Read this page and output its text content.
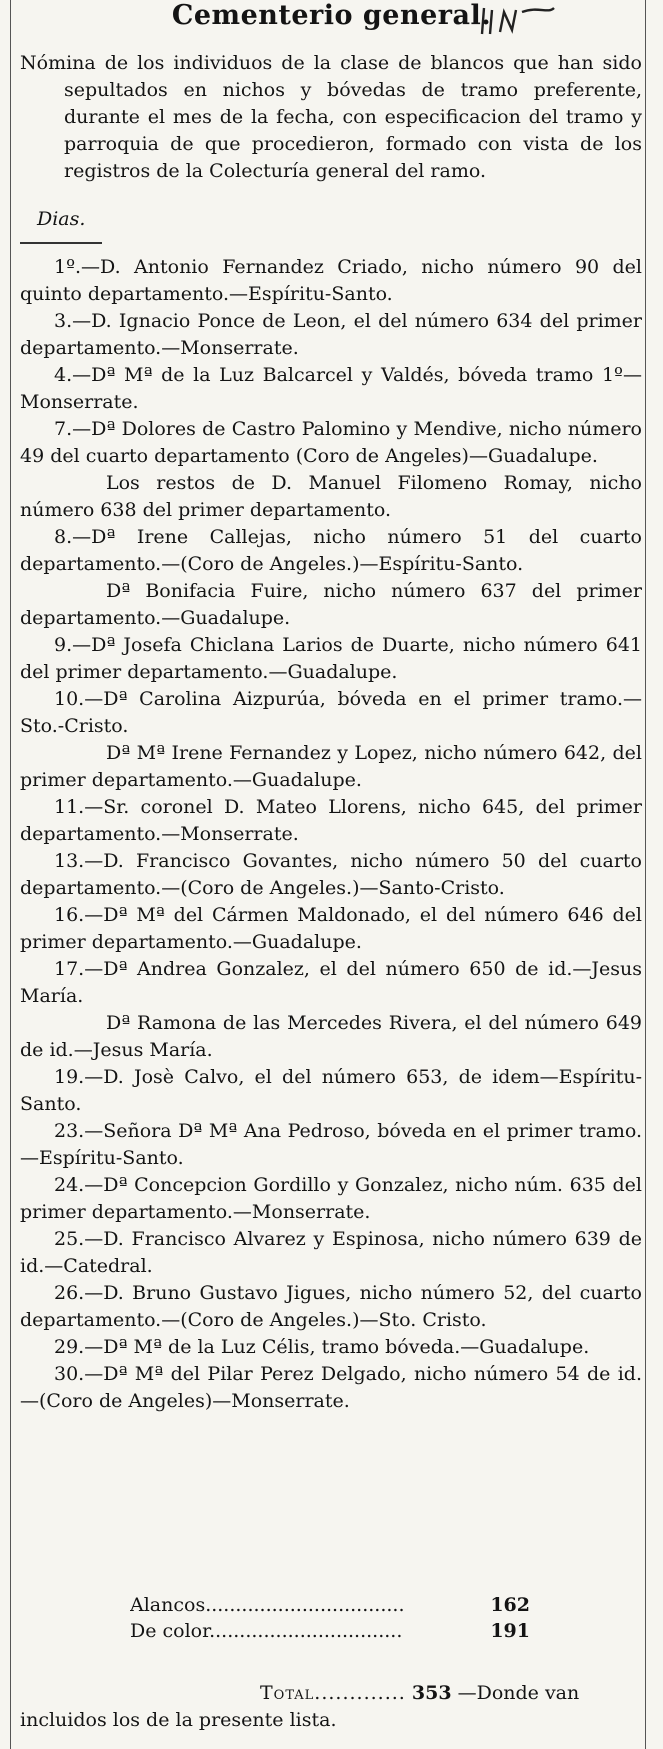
Cementerio general.

Nómina de los individuos de la clase de blancos que han sido sepultados en nichos y bóvedas de tramo preferente, durante el mes de la fecha, con especificacion del tramo y parroquia de que procedieron, formado con vista de los registros de la Colecturía general del ramo.

Dias.

1º.—D. Antonio Fernandez Criado, nicho número 90 del quinto departamento.—Espíritu-Santo.

3.—D. Ignacio Ponce de Leon, el del número 634 del primer departamento.—Monserrate.

4.—Dª Mª de la Luz Balcarcel y Valdés, bóveda tramo 1º—Monserrate.

7.—Dª Dolores de Castro Palomino y Mendive, nicho número 49 del cuarto departamento (Coro de Angeles)—Guadalupe.

Los restos de D. Manuel Filomeno Romay, nicho número 638 del primer departamento.

8.—Dª Irene Callejas, nicho número 51 del cuarto departamento.—(Coro de Angeles.)—Espíritu-Santo.

Dª Bonifacia Fuire, nicho número 637 del primer departamento.—Guadalupe.

9.—Dª Josefa Chiclana Larios de Duarte, nicho número 641 del primer departamento.—Guadalupe.

10.—Dª Carolina Aizpurúa, bóveda en el primer tramo.—Sto.-Cristo.

Dª Mª Irene Fernandez y Lopez, nicho número 642, del primer departamento.—Guadalupe.

11.—Sr. coronel D. Mateo Llorens, nicho 645, del primer departamento.—Monserrate.

13.—D. Francisco Govantes, nicho número 50 del cuarto departamento.—(Coro de Angeles.)—Santo-Cristo.

16.—Dª Mª del Cármen Maldonado, el del número 646 del primer departamento.—Guadalupe.

17.—Dª Andrea Gonzalez, el del número 650 de id.—Jesus María.

Dª Ramona de las Mercedes Rivera, el del número 649 de id.—Jesus María.

19.—D. Josè Calvo, el del número 653, de idem—Espíritu-Santo.

23.—Señora Dª Mª Ana Pedroso, bóveda en el primer tramo.—Espíritu-Santo.

24.—Dª Concepcion Gordillo y Gonzalez, nicho núm. 635 del primer departamento.—Monserrate.

25.—D. Francisco Alvarez y Espinosa, nicho número 639 de id.—Catedral.

26.—D. Bruno Gustavo Jigues, nicho número 52, del cuarto departamento.—(Coro de Angeles.)—Sto. Cristo.

29.—Dª Mª de la Luz Célis, tramo bóveda.—Guadalupe.

30.—Dª Mª del Pilar Perez Delgado, nicho número 54 de id.—(Coro de Angeles)—Monserrate.

Alancos.................................	162
De color................................	191
Total............. 353 —Donde van incluidos los de la presente lista.
